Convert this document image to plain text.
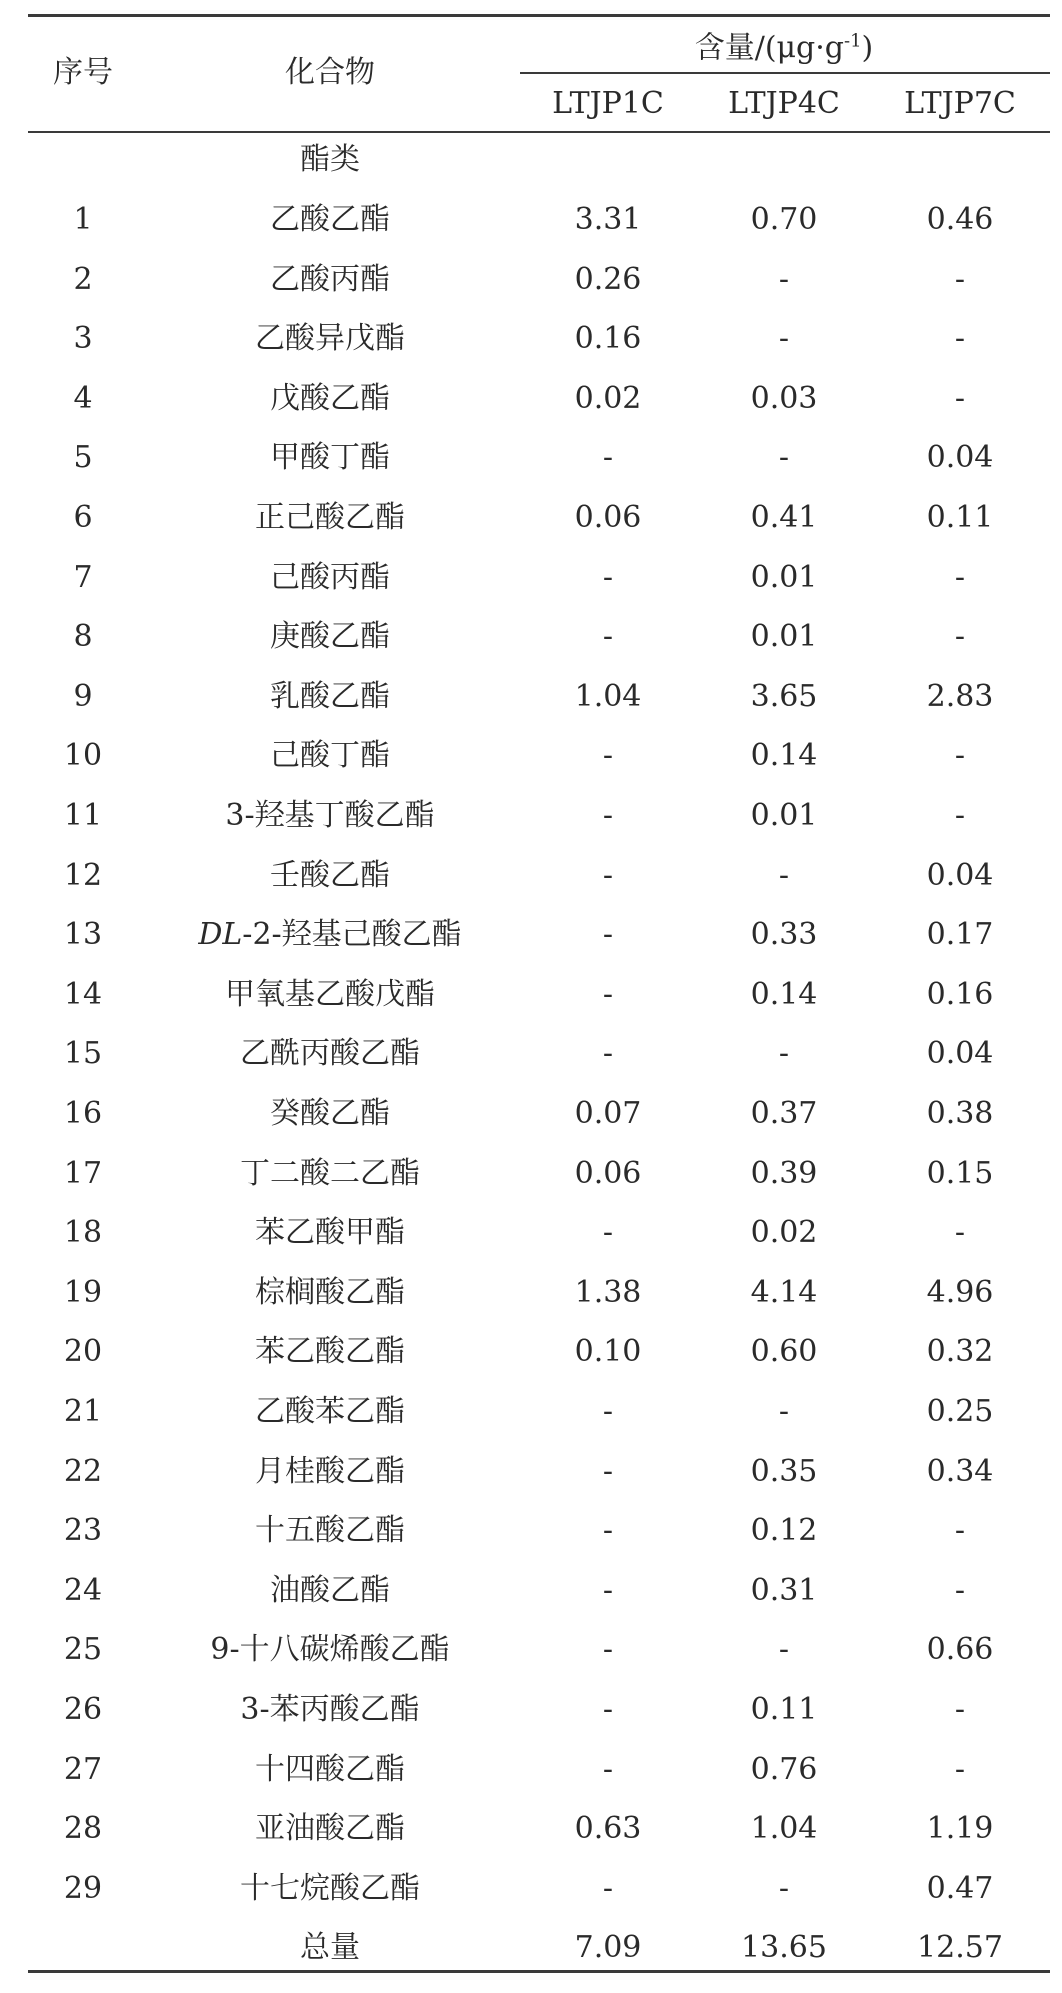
序号	化合物
含量$/(\mu g\cdot g^{-1})$
LTJP1C LTJP4C LTJP7C
酯类
1	乙酸乙酯	3.31	0.70	0.46
2	乙酸丙酯	0.26	-	-
3	乙酸异戊酯	0.16	-	-
4	戊酸乙酯	0.02	0.03	-
5	甲酸丁酯	-	-	0.04
6	正己酸乙酯	0.06	0.41	0.11
7	己酸丙酯	-	0.01	-
8	庚酸乙酯	-	0.01	-
9	乳酸乙酯	1.04	3.65	2.83
10	己酸丁酯	-	0.14	-
11	3-羟基丁酸乙酯	-	0.01	-
12	壬酸乙酯	-	-	0.04
13	DL-2-羟基己酸乙酯	-	0.33	0.17
14	甲氧基乙酸戊酯	-	0.14	0.16
15	乙酰丙酸乙酯	-	-	0.04
16	癸酸乙酯	0.07	0.37	0.38
17	丁二酸二乙酯	0.06	0.39	0.15
18	苯乙酸甲酯	-	0.02	-
19	棕榈酸乙酯	1.38	4.14	4.96
20	苯乙酸乙酯	0.10	0.60	0.32
21	乙酸苯乙酯	-	-	0.25
22	月桂酸乙酯	-	0.35	0.34
23	十五酸乙酯	-	0.12	-
24	油酸乙酯	-	0.31	-
25	9-十八碳烯酸乙酯	-	-	0.66
26	3-苯丙酸乙酯	-	0.11	-
27	十四酸乙酯	-	0.76	-
28	亚油酸乙酯	0.63	1.04	1.19
29	十七烷酸乙酯	-	-	0.47
总量	7.09	13.65	12.57
